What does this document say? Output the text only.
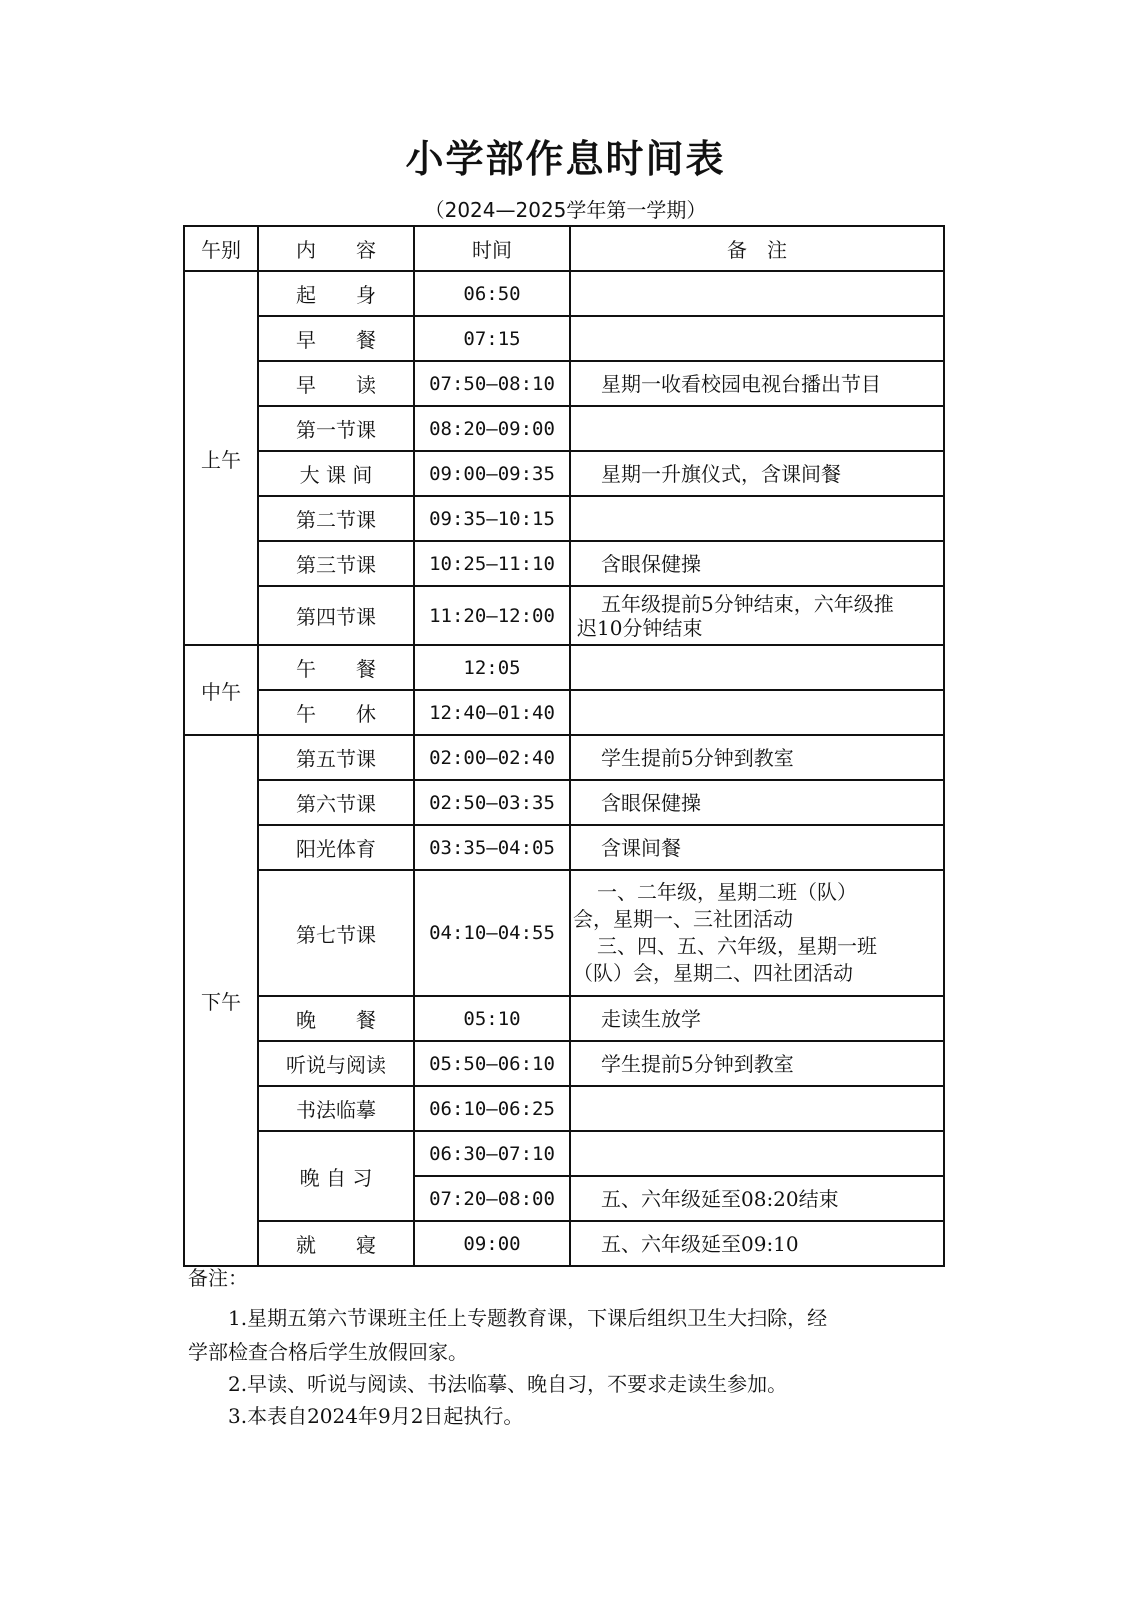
小学部作息时间表
（2024—2025学年第一学期）
午别	内　　容	时间	备　注
上午	起　　身	06:50	

	早　　餐	07:15	

	早　　读	07:50—08:10	星期一收看校园电视台播出节目

	第一节课	08:20—09:00	

	大 课 间	09:00—09:35	星期一升旗仪式，含课间餐

	第二节课	09:35—10:15	

	第三节课	10:25—11:10	含眼保健操

	第四节课	11:20—12:00	五年级提前5分钟结束，六年级推
迟10分钟结束

中午	午　　餐	12:05	

	午　　休	12:40—01:40	

下午	第五节课	02:00—02:40	学生提前5分钟到教室

	第六节课	02:50—03:35	含眼保健操

	阳光体育	03:35—04:05	含课间餐

	第七节课	04:10—04:55	一、二年级，星期二班（队）
会，星期一、三社团活动
三、四、五、六年级，星期一班
（队）会，星期二、四社团活动

	晚　　餐	05:10	走读生放学

	听说与阅读	05:50—06:10	学生提前5分钟到教室

	书法临摹	06:10—06:25	

	晚 自 习	06:30—07:10	

		07:20—08:00	五、六年级延至08:20结束

	就　　寝	09:00	五、六年级延至09:10
备注：
1.星期五第六节课班主任上专题教育课，下课后组织卫生大扫除，经
学部检查合格后学生放假回家。
2.早读、听说与阅读、书法临摹、晚自习，不要求走读生参加。
3.本表自2024年9月2日起执行。
